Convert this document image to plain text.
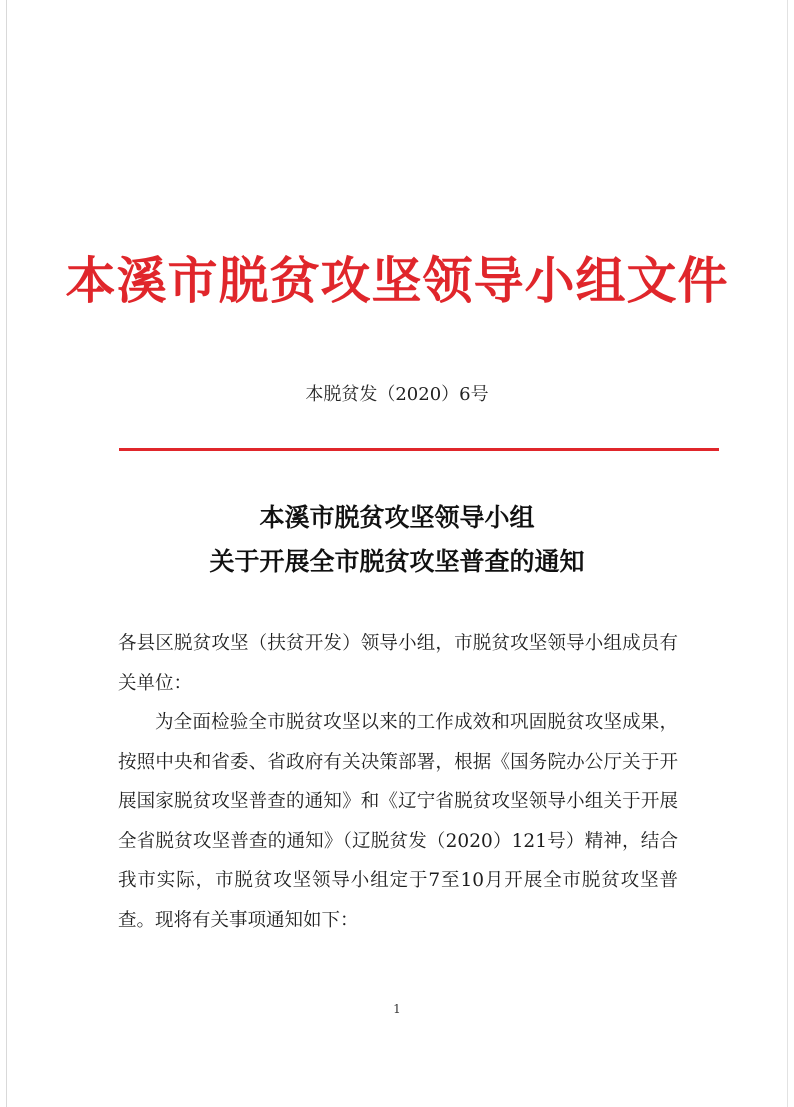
本溪市脱贫攻坚领导小组文件
本脱贫发（2020）6号
本溪市脱贫攻坚领导小组
关于开展全市脱贫攻坚普查的通知

各县区脱贫攻坚（扶贫开发）领导小组，市脱贫攻坚领导小组成员有关单位：

为全面检验全市脱贫攻坚以来的工作成效和巩固脱贫攻坚成果，按照中央和省委、省政府有关决策部署，根据《国务院办公厅关于开展国家脱贫攻坚普查的通知》和《辽宁省脱贫攻坚领导小组关于开展全省脱贫攻坚普查的通知》（辽脱贫发（2020）121号）精神，结合我市实际，市脱贫攻坚领导小组定于7至10月开展全市脱贫攻坚普查。现将有关事项通知如下：

1
